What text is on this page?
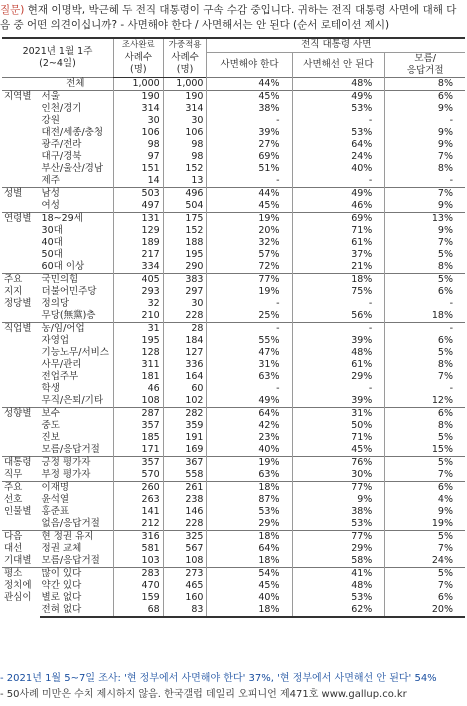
질문) 현재 이명박, 박근혜 두 전직 대통령이 구속 수감 중입니다. 귀하는 전직 대통령 사면에 대해 다음 중 어떤 의견이십니까? - 사면해야 한다 / 사면해서는 안 된다 (순서 로테이션 제시)
2021년 1월 1주
(2~4일)		조사완료	가중적용	전직 대통령 사면		
		사례수	사례수	사면해야 한다	사면해선 안 된다	모름/
응답거절

		(명)	(명)			
	전체	1,000	1,000	44%	48%	8%
지역별	서울	190	190	45%	49%	6%
	인천/경기	314	314	38%	53%	9%
	강원	30	30	-	-	-
	대전/세종/충청	106	106	39%	53%	9%
	광주/전라	98	98	27%	64%	9%
	대구/경북	97	98	69%	24%	7%
	부산/울산/경남	151	152	51%	40%	8%
	제주	14	13	-	-	-
성별	남성	503	496	44%	49%	7%
	여성	497	504	45%	46%	9%
연령별	18~29세	131	175	19%	69%	13%
	30대	129	152	20%	71%	9%
	40대	189	188	32%	61%	7%
	50대	217	195	57%	37%	5%
	60대 이상	334	290	72%	21%	8%
주요
지지
정당별	국민의힘	405	383	77%	18%	5%
	더불어민주당	293	297	19%	75%	6%
	정의당	32	30	-	-	-
	무당(無黨)층	210	228	25%	56%	18%
직업별	농/임/어업	31	28	-	-	-
	자영업	195	184	55%	39%	6%
	기능노무/서비스	128	127	47%	48%	5%
	사무/관리	311	336	31%	61%	8%
	전업주부	181	164	63%	29%	7%
	학생	46	60	-	-	-
	무직/은퇴/기타	108	102	49%	39%	12%
성향별	보수	287	282	64%	31%	6%
	중도	357	359	42%	50%	8%
	진보	185	191	23%	71%	5%
	모름/응답거절	171	169	40%	45%	15%
대통령
직무	긍정 평가자	357	367	19%	76%	5%
	부정 평가자	570	558	63%	30%	7%
주요
선호
인물별	이재명	260	261	18%	77%	6%
	윤석열	263	238	87%	9%	4%
	홍준표	141	146	53%	38%	9%
	없음/응답거절	212	228	29%	53%	19%
다음
대선
기대별	현 정권 유지	316	325	18%	77%	5%
	정권 교체	581	567	64%	29%	7%
	모름/응답거절	103	108	18%	58%	24%
평소
정치에
관심이	많이 있다	283	273	54%	41%	5%
	약간 있다	470	465	45%	48%	7%
	별로 없다	159	160	40%	53%	6%
	전혀 없다	68	83	18%	62%	20%
- 2021년 1월 5~7일 조사: '현 정부에서 사면해야 한다' 37%, '현 정부에서 사면해선 안 된다' 54%
- 50사례 미만은 수치 제시하지 않음. 한국갤럽 데일리 오피니언 제471호 www.gallup.co.kr
